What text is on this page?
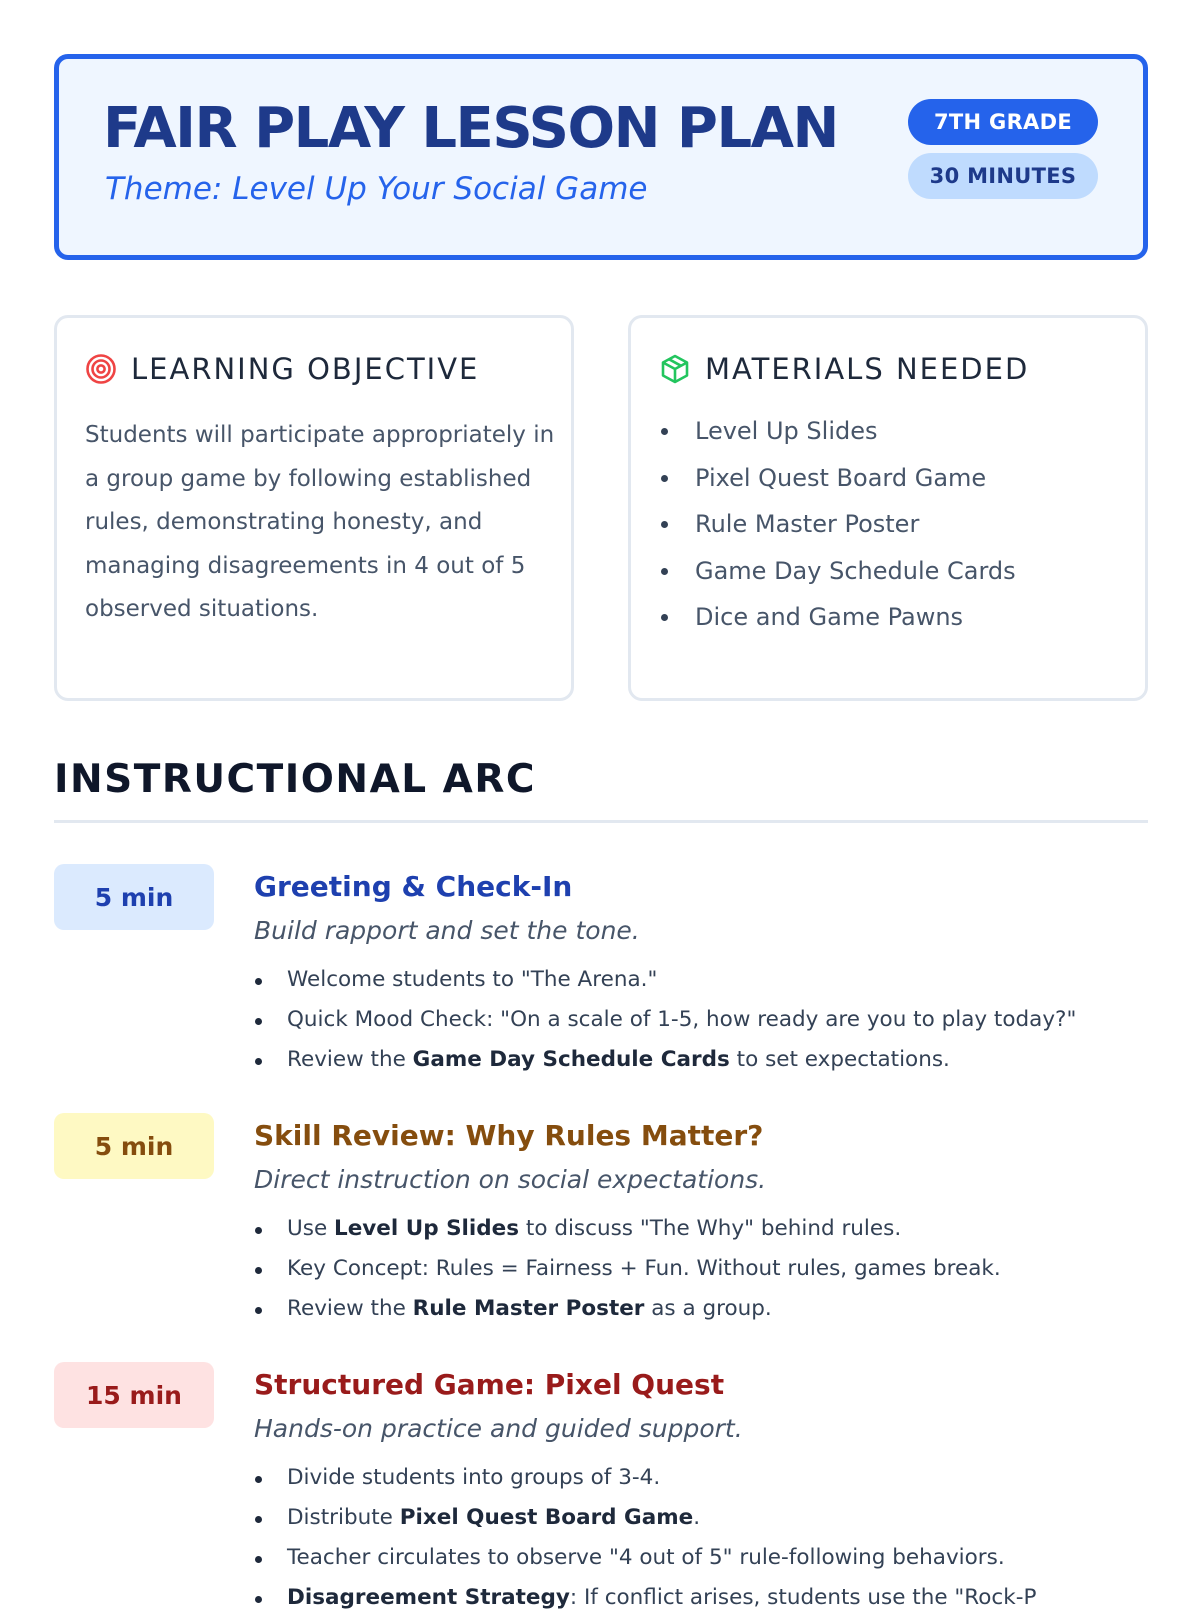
FAIR PLAY LESSON PLAN
Theme: Level Up Your Social Game
7TH GRADE
30 MINUTES
LEARNING OBJECTIVE

Students will participate appropriately in a group game by following established rules, demonstrating honesty, and managing disagreements in 4 out of 5 observed situations.

MATERIALS NEEDED
Level Up Slides
Pixel Quest Board Game
Rule Master Poster
Game Day Schedule Cards
Dice and Game Pawns
INSTRUCTIONAL ARC
5 min	Greeting & Check-In
Build rapport and set the tone.
Welcome students to "The Arena."
Quick Mood Check: "On a scale of 1-5, how ready are you to play today?"
Review the Game Day Schedule Cards to set expectations.
5 min	Skill Review: Why Rules Matter?
Direct instruction on social expectations.
Use Level Up Slides to discuss "The Why" behind rules.
Key Concept: Rules = Fairness + Fun. Without rules, games break.
Review the Rule Master Poster as a group.
15 min	Structured Game: Pixel Quest
Hands-on practice and guided support.
Divide students into groups of 3-4.
Distribute Pixel Quest Board Game.
Teacher circulates to observe "4 out of 5" rule-following behaviors.
Disagreement Strategy: If conflict arises, students use the "Rock-P
